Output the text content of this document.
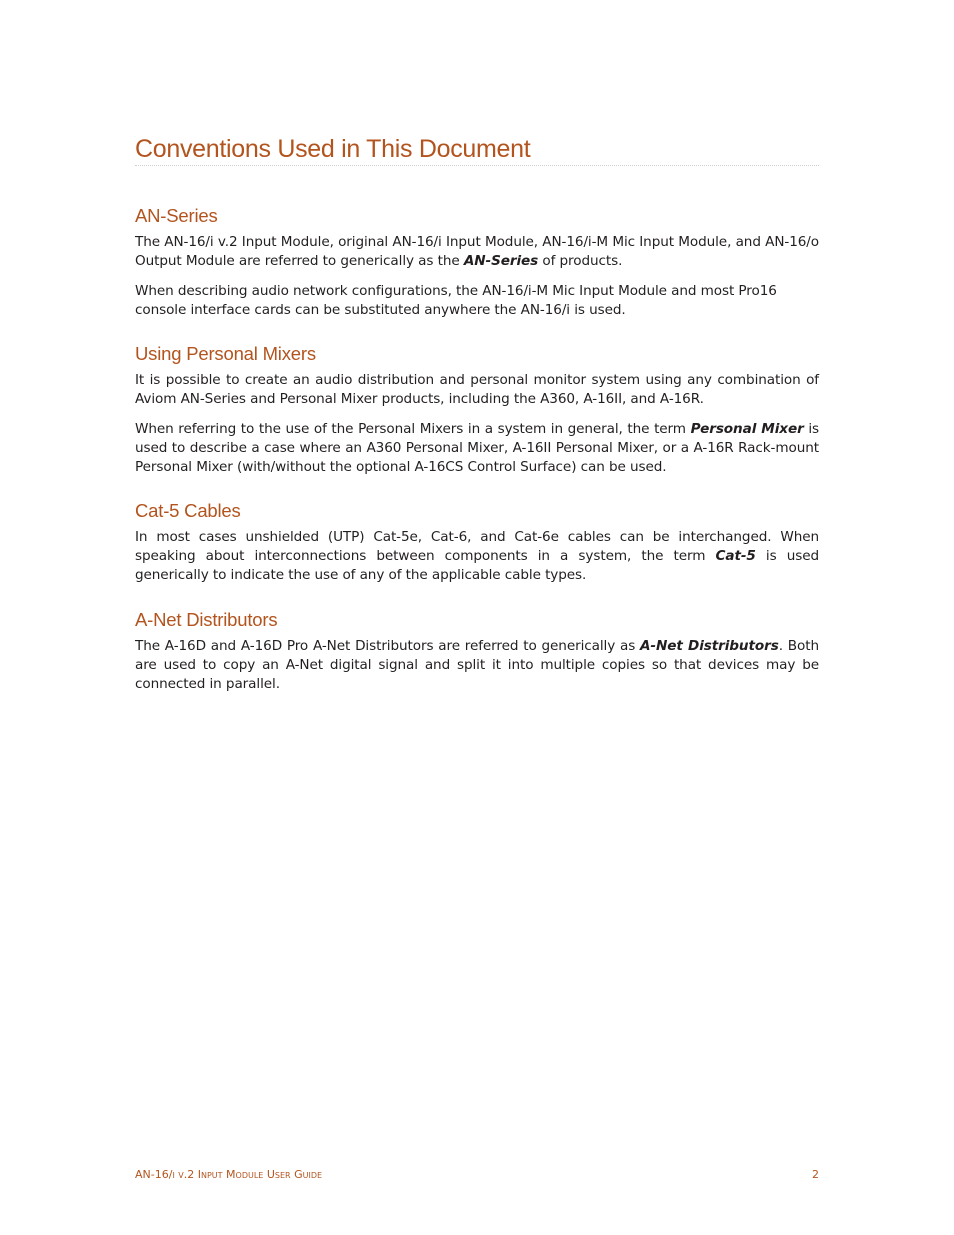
Conventions Used in This Document
AN-Series

The AN-16/i v.2 Input Module, original AN-16/i Input Module, AN-16/i-M Mic Input Module, and AN-16/o Output Module are referred to generically as the AN-Series of products.

When describing audio network configurations, the AN-16/i-M Mic Input Module and most Pro16 console interface cards can be substituted anywhere the AN-16/i is used.

Using Personal Mixers

It is possible to create an audio distribution and personal monitor system using any combination of Aviom AN-Series and Personal Mixer products, including the A360, A-16II, and A-16R.

When referring to the use of the Personal Mixers in a system in general, the term Personal Mixer is used to describe a case where an A360 Personal Mixer, A-16II Personal Mixer, or a A-16R Rack-mount Personal Mixer (with/without the optional A-16CS Control Surface) can be used.

Cat-5 Cables

In most cases unshielded (UTP) Cat-5e, Cat-6, and Cat-6e cables can be interchanged. When speaking about interconnections between components in a system, the term Cat-5 is used generically to indicate the use of any of the applicable cable types.

A-Net Distributors

The A-16D and A-16D Pro A-Net Distributors are referred to generically as A-Net Distributors. Both are used to copy an A-Net digital signal and split it into multiple copies so that devices may be connected in parallel.

AN-16/i v.2 Input Module User Guide	2
